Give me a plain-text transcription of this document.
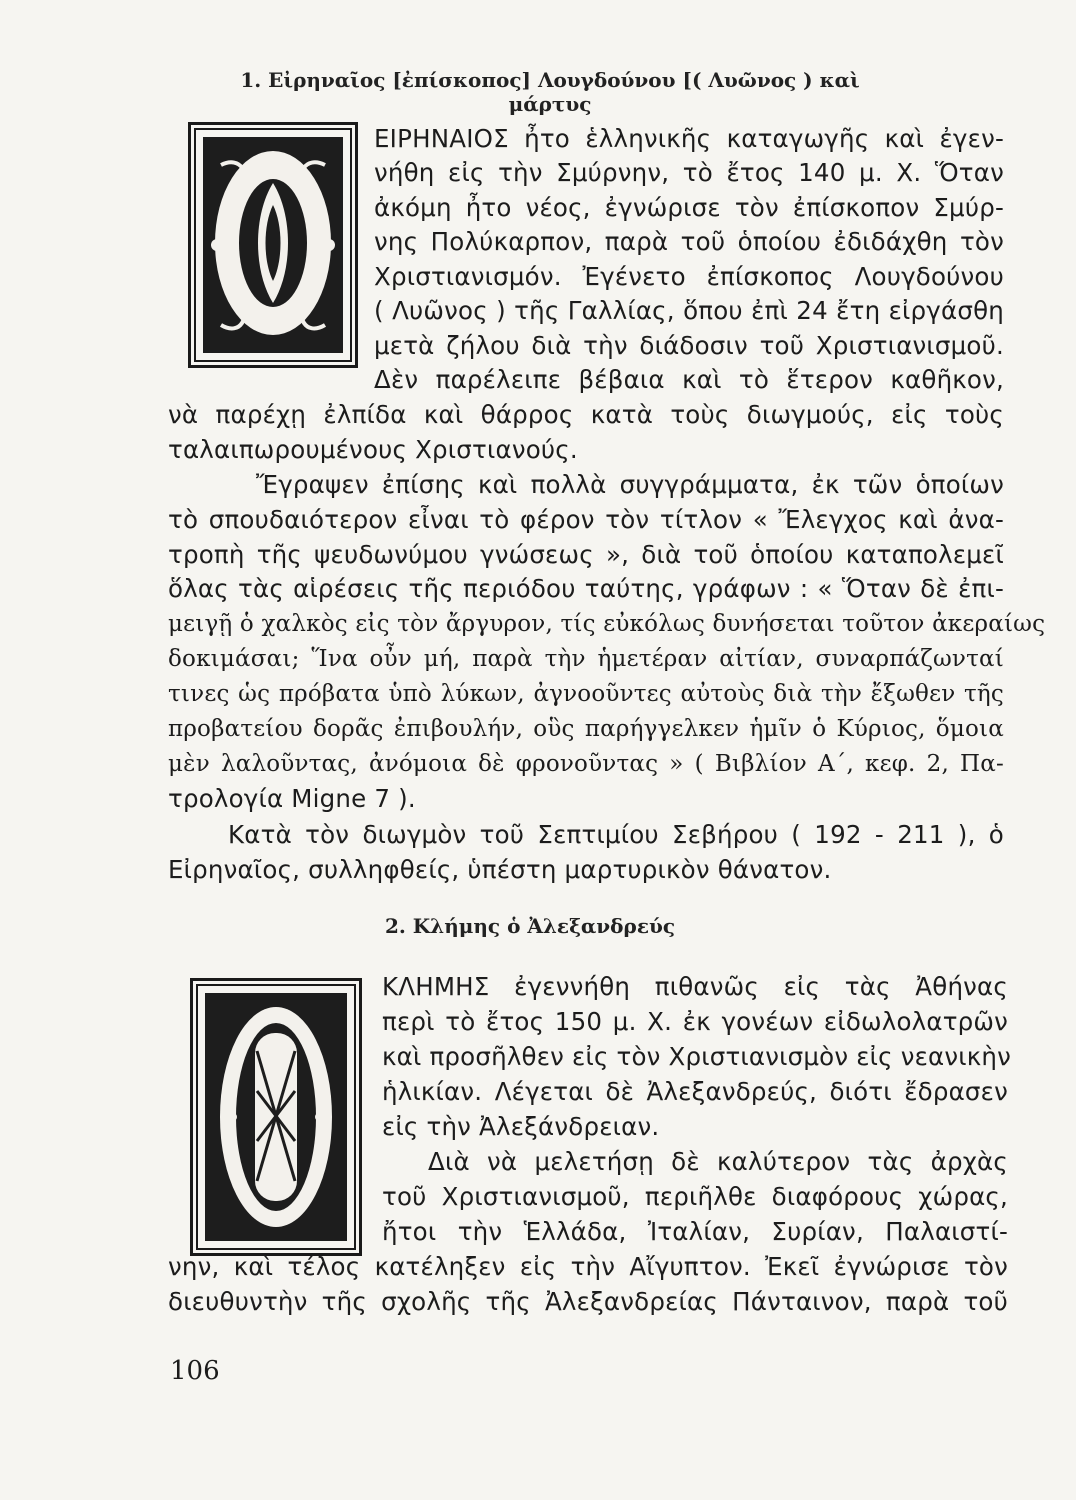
1. Εἰρηναῖος [ἐπίσκοπος] Λουγδούνου [( Λυῶνος ) καὶ μάρτυς
ΕΙΡΗΝΑΙΟΣ ἦτο ἑλληνικῆς καταγωγῆς καὶ ἐγεν-
νήθη εἰς τὴν Σμύρνην, τὸ ἔτος 140 μ. Χ. Ὅταν
ἀκόμη ἦτο νέος, ἐγνώρισε τὸν ἐπίσκοπον Σμύρ-
νης Πολύκαρπον, παρὰ τοῦ ὁποίου ἐδιδάχθη τὸν
Χριστιανισμόν. Ἐγένετο ἐπίσκοπος Λουγδούνου
( Λυῶνος ) τῆς Γαλλίας, ὅπου ἐπὶ 24 ἔτη εἰργάσθη
μετὰ ζήλου διὰ τὴν διάδοσιν τοῦ Χριστιανισμοῦ.
Δὲν παρέλειπε βέβαια καὶ τὸ ἕτερον καθῆκον,
νὰ παρέχῃ ἐλπίδα καὶ θάρρος κατὰ τοὺς διωγμούς, εἰς τοὺς
ταλαιπωρουμένους Χριστιανούς.
Ἔγραψεν ἐπίσης καὶ πολλὰ συγγράμματα, ἐκ τῶν ὁποίων
τὸ σπουδαιότερον εἶναι τὸ φέρον τὸν τίτλον « Ἔλεγχος καὶ ἀνα-
τροπὴ τῆς ψευδωνύμου γνώσεως », διὰ τοῦ ὁποίου καταπολεμεῖ
ὅλας τὰς αἱρέσεις τῆς περιόδου ταύτης, γράφων : « Ὅταν δὲ ἐπι-
μειγῇ ὁ χαλκὸς εἰς τὸν ἄργυρον, τίς εὐκόλως δυνήσεται τοῦτον ἀκεραίως
δοκιμάσαι; Ἵνα οὖν μή, παρὰ τὴν ἡμετέραν αἰτίαν, συναρπάζωνταί
τινες ὡς πρόβατα ὑπὸ λύκων, ἀγνοοῦντες αὐτοὺς διὰ τὴν ἔξωθεν τῆς
προβατείου δορᾶς ἐπιβουλήν, οὓς παρήγγελκεν ἡμῖν ὁ Κύριος, ὅμοια
μὲν λαλοῦντας, ἀνόμοια δὲ φρονοῦντας » ( Βιβλίον Α΄, κεφ. 2, Πα-
τρολογία Migne 7 ).
Κατὰ τὸν διωγμὸν τοῦ Σεπτιμίου Σεβήρου ( 192 - 211 ), ὁ
Εἰρηναῖος, συλληφθείς, ὑπέστη μαρτυρικὸν θάνατον.
2. Κλήμης ὁ Ἀλεξανδρεύς
ΚΛΗΜΗΣ ἐγεννήθη πιθανῶς εἰς τὰς Ἀθήνας
περὶ τὸ ἔτος 150 μ. Χ. ἐκ γονέων εἰδωλολατρῶν
καὶ προσῆλθεν εἰς τὸν Χριστιανισμὸν εἰς νεανικὴν
ἡλικίαν. Λέγεται δὲ Ἀλεξανδρεύς, διότι ἔδρασεν
εἰς τὴν Ἀλεξάνδρειαν.
Διὰ νὰ μελετήσῃ δὲ καλύτερον τὰς ἀρχὰς
τοῦ Χριστιανισμοῦ, περιῆλθε διαφόρους χώρας,
ἤτοι τὴν Ἑλλάδα, Ἰταλίαν, Συρίαν, Παλαιστί-
νην, καὶ τέλος κατέληξεν εἰς τὴν Αἴγυπτον. Ἐκεῖ ἐγνώρισε τὸν
διευθυντὴν τῆς σχολῆς τῆς Ἀλεξανδρείας Πάνταινον, παρὰ τοῦ
106
